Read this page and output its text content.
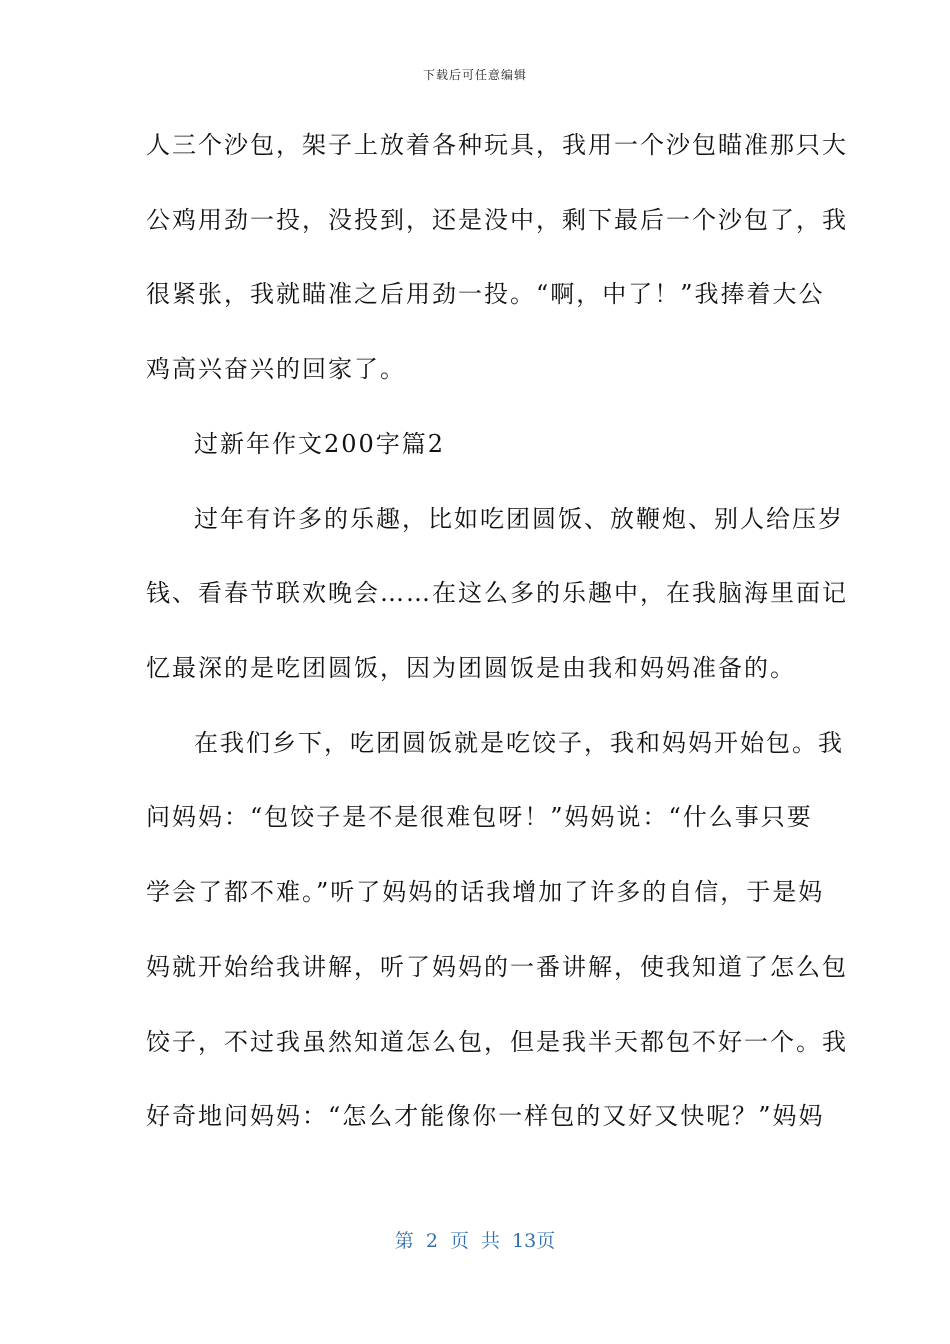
下载后可任意编辑
人三个沙包，架子上放着各种玩具，我用一个沙包瞄准那只大
公鸡用劲一投，没投到，还是没中，剩下最后一个沙包了，我
很紧张，我就瞄准之后用劲一投。“啊，中了！”我捧着大公
鸡高兴奋兴的回家了。
过新年作文200字篇2
过年有许多的乐趣，比如吃团圆饭、放鞭炮、别人给压岁
钱、看春节联欢晚会……在这么多的乐趣中，在我脑海里面记
忆最深的是吃团圆饭，因为团圆饭是由我和妈妈准备的。
在我们乡下，吃团圆饭就是吃饺子，我和妈妈开始包。我
问妈妈：“包饺子是不是很难包呀！”妈妈说：“什么事只要
学会了都不难。”听了妈妈的话我增加了许多的自信，于是妈
妈就开始给我讲解，听了妈妈的一番讲解，使我知道了怎么包
饺子，不过我虽然知道怎么包，但是我半天都包不好一个。我
好奇地问妈妈：“怎么才能像你一样包的又好又快呢？”妈妈
第 2 页 共 13页
